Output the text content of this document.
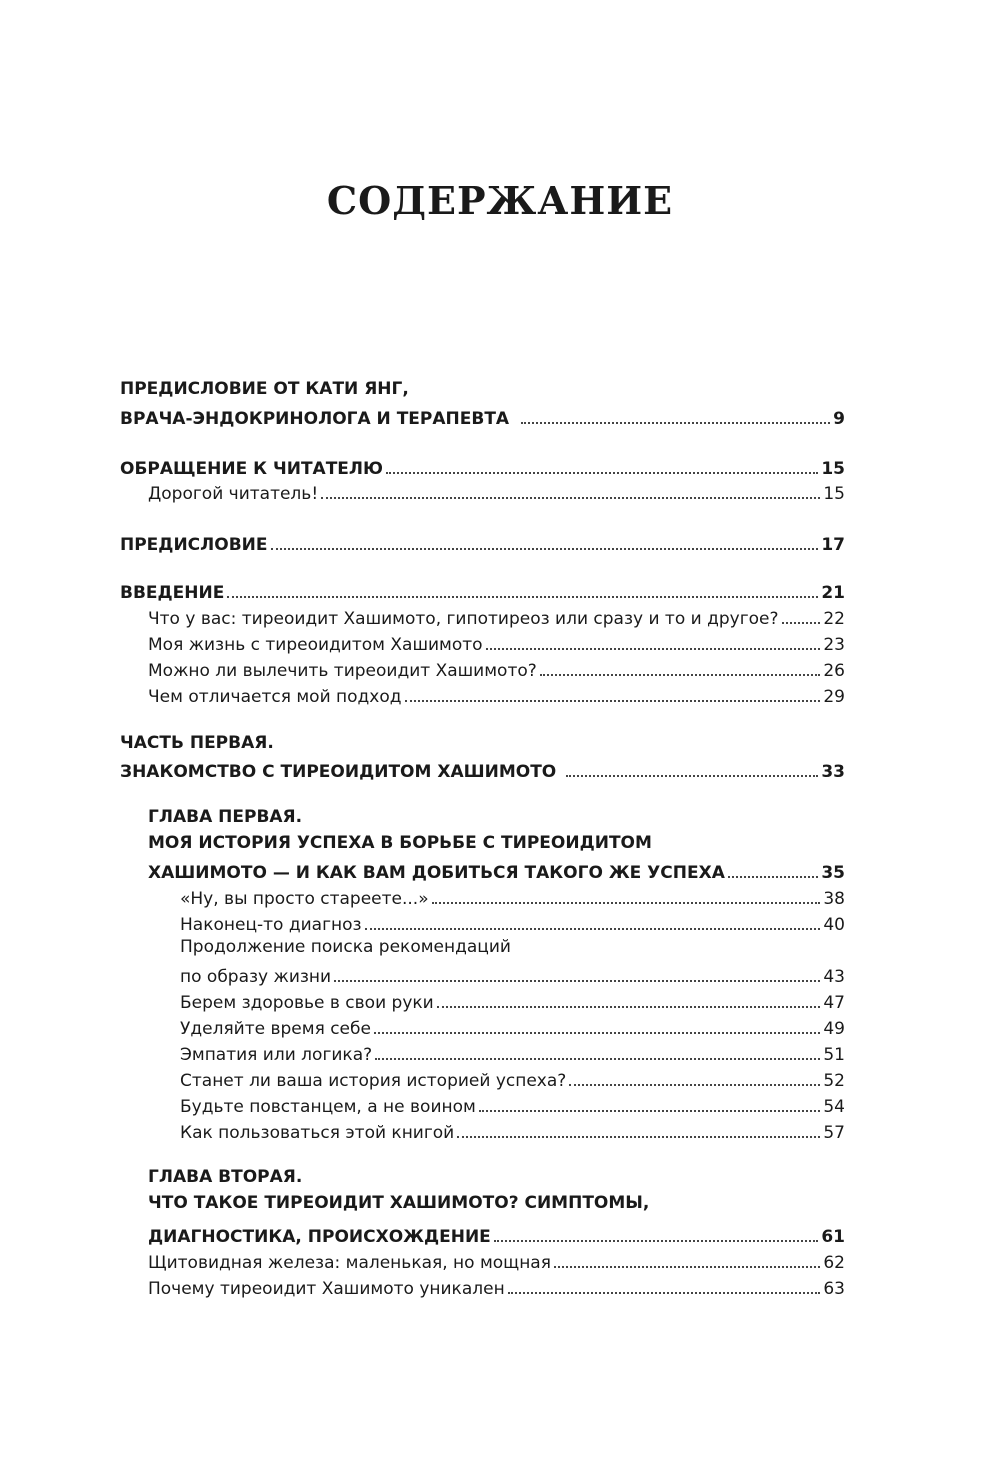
СОДЕРЖАНИЕ
ПРЕДИСЛОВИЕ ОТ КАТИ ЯНГ,
ВРАЧА-ЭНДОКРИНОЛОГА И ТЕРАПЕВТА	9
ОБРАЩЕНИЕ К ЧИТАТЕЛЮ	15
Дорогой читатель!	15
ПРЕДИСЛОВИЕ	17
ВВЕДЕНИЕ	21
Что у вас: тиреоидит Хашимото, гипотиреоз или сразу и то и другое?	22
Моя жизнь с тиреоидитом Хашимото	23
Можно ли вылечить тиреоидит Хашимото?	26
Чем отличается мой подход	29
ЧАСТЬ ПЕРВАЯ.
ЗНАКОМСТВО С ТИРЕОИДИТОМ ХАШИМОТО	33
ГЛАВА ПЕРВАЯ.
МОЯ ИСТОРИЯ УСПЕХА В БОРЬБЕ С ТИРЕОИДИТОМ
ХАШИМОТО — И КАК ВАМ ДОБИТЬСЯ ТАКОГО ЖЕ УСПЕХА	35
«Ну, вы просто стареете...»	38
Наконец-то диагноз	40
Продолжение поиска рекомендаций
по образу жизни	43
Берем здоровье в свои руки	47
Уделяйте время себе	49
Эмпатия или логика?	51
Станет ли ваша история историей успеха?	52
Будьте повстанцем, а не воином	54
Как пользоваться этой книгой	57
ГЛАВА ВТОРАЯ.
ЧТО ТАКОЕ ТИРЕОИДИТ ХАШИМОТО? СИМПТОМЫ,
ДИАГНОСТИКА, ПРОИСХОЖДЕНИЕ	61
Щитовидная железа: маленькая, но мощная	62
Почему тиреоидит Хашимото уникален	63
